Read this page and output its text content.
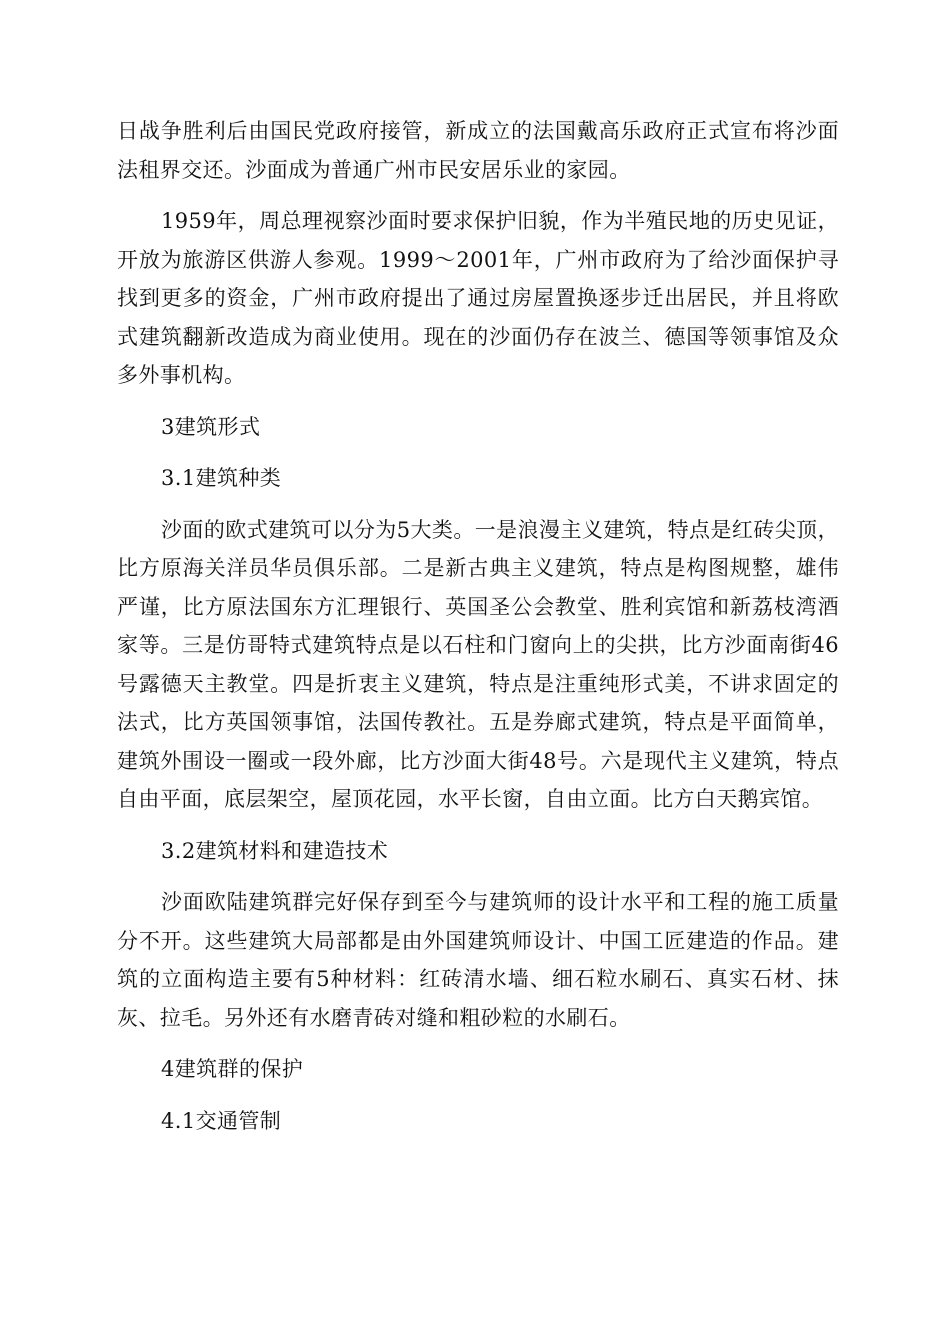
日战争胜利后由国民党政府接管，新成立的法国戴高乐政府正式宣布将沙面法租界交还。沙面成为普通广州市民安居乐业的家园。

1959年，周总理视察沙面时要求保护旧貌，作为半殖民地的历史见证，开放为旅游区供游人参观。1999～2001年，广州市政府为了给沙面保护寻找到更多的资金，广州市政府提出了通过房屋置换逐步迁出居民，并且将欧式建筑翻新改造成为商业使用。现在的沙面仍存在波兰、德国等领事馆及众多外事机构。

3建筑形式

3.1建筑种类

沙面的欧式建筑可以分为5大类。一是浪漫主义建筑，特点是红砖尖顶，比方原海关洋员华员俱乐部。二是新古典主义建筑，特点是构图规整，雄伟严谨，比方原法国东方汇理银行、英国圣公会教堂、胜利宾馆和新荔枝湾酒家等。三是仿哥特式建筑特点是以石柱和门窗向上的尖拱，比方沙面南街46号露德天主教堂。四是折衷主义建筑，特点是注重纯形式美，不讲求固定的法式，比方英国领事馆，法国传教社。五是券廊式建筑，特点是平面简单，建筑外围设一圈或一段外廊，比方沙面大街48号。六是现代主义建筑，特点自由平面，底层架空，屋顶花园，水平长窗，自由立面。比方白天鹅宾馆。

3.2建筑材料和建造技术

沙面欧陆建筑群完好保存到至今与建筑师的设计水平和工程的施工质量分不开。这些建筑大局部都是由外国建筑师设计、中国工匠建造的作品。建筑的立面构造主要有5种材料：红砖清水墙、细石粒水刷石、真实石材、抹灰、拉毛。另外还有水磨青砖对缝和粗砂粒的水刷石。

4建筑群的保护

4.1交通管制
